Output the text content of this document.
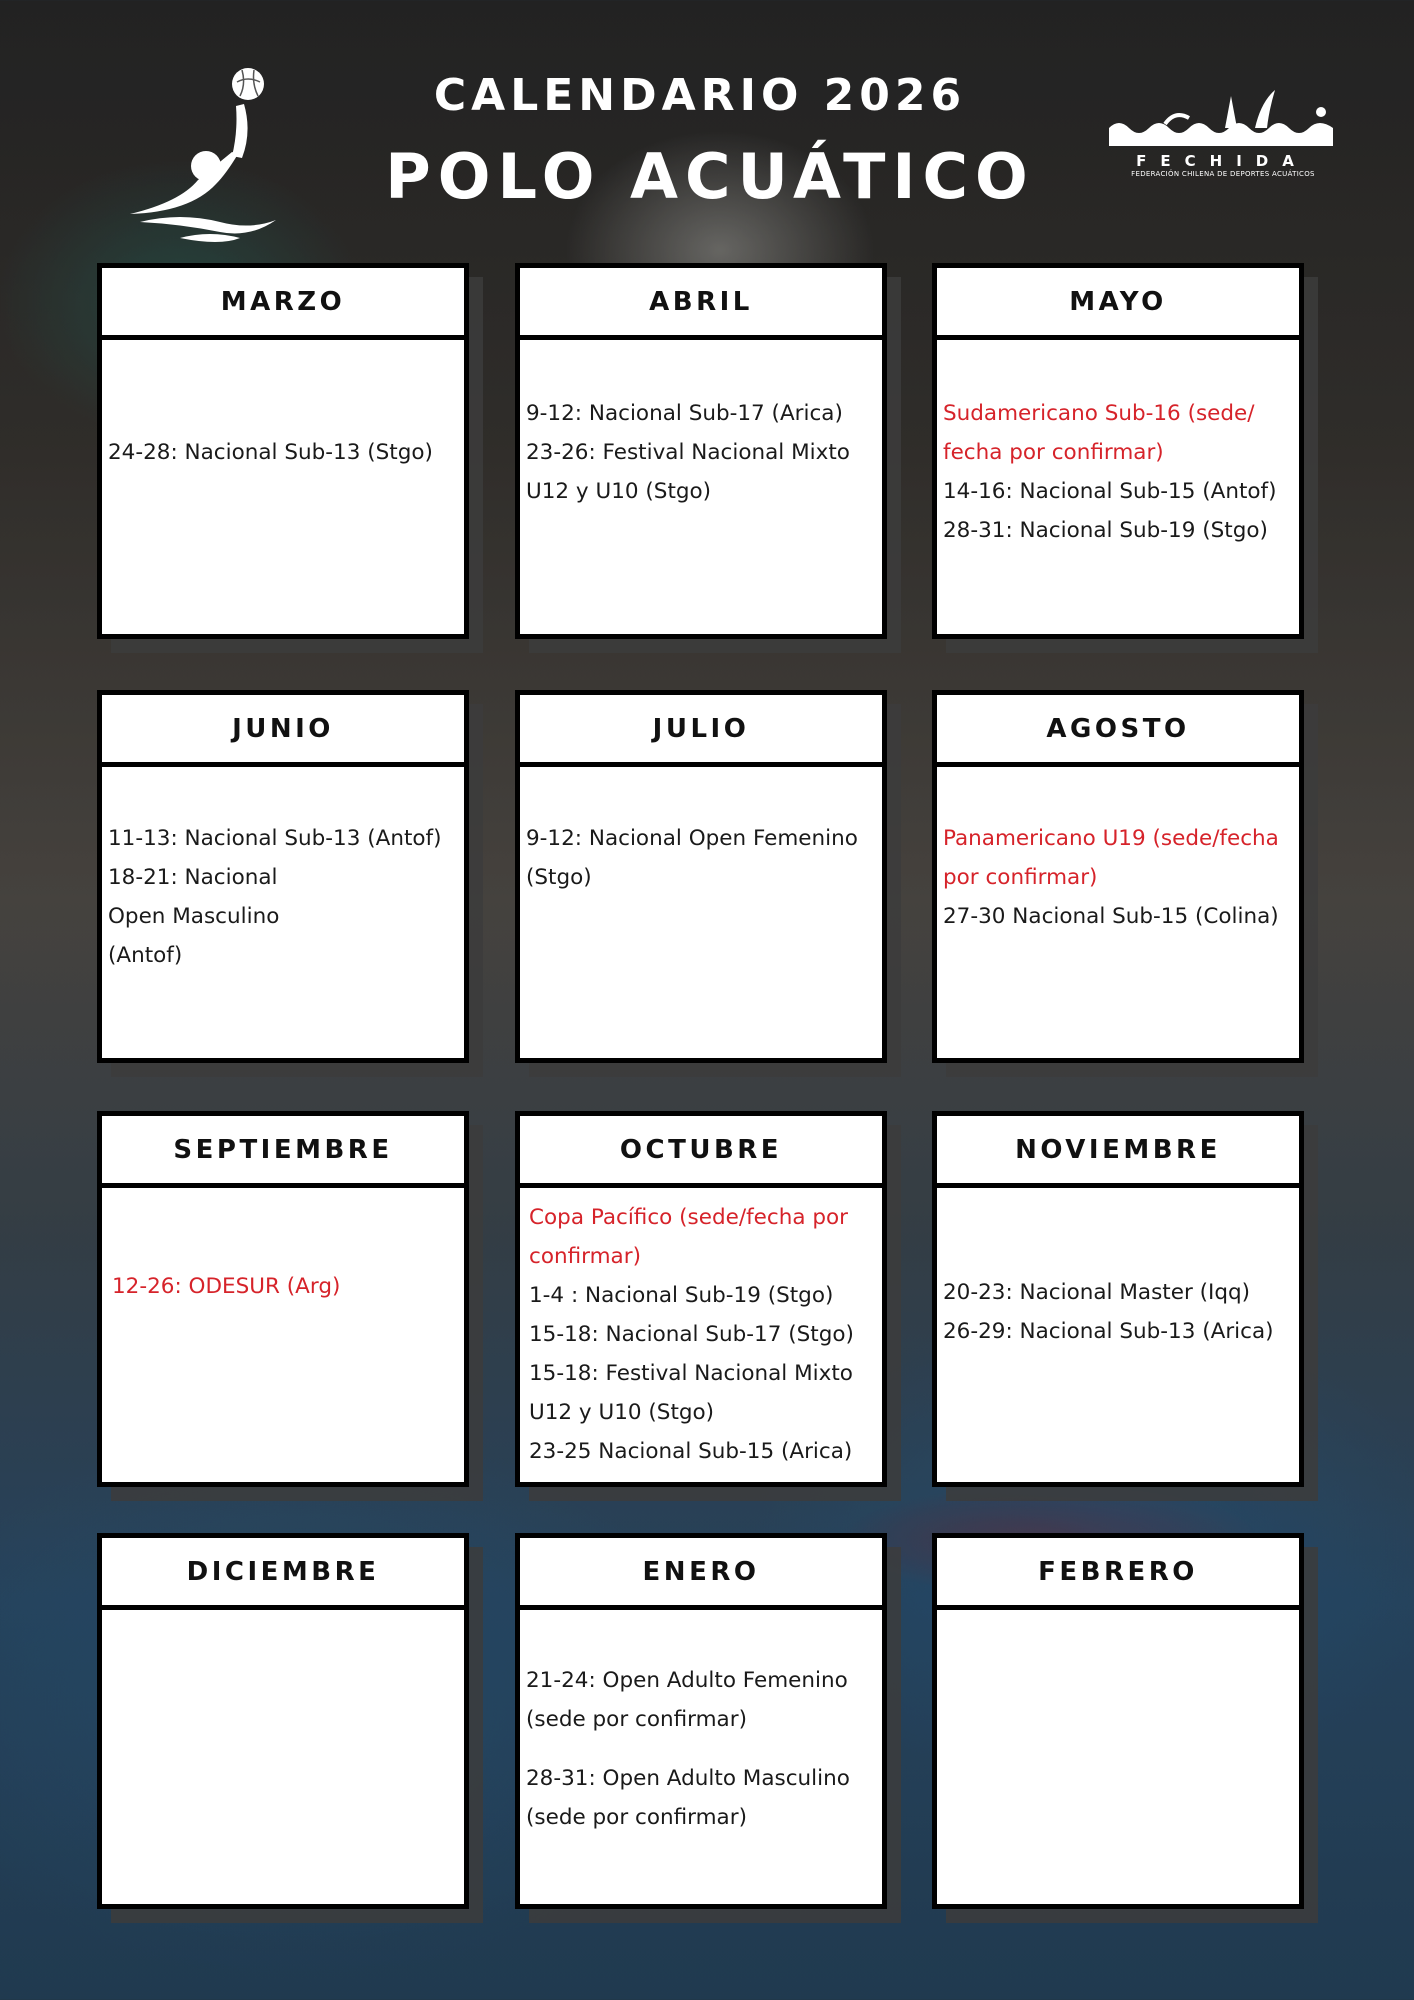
CALENDARIO 2026
POLO ACUÁTICO	FECHIDA
FEDERACIÓN CHILENA DE DEPORTES ACUÁTICOS
MARZO
24-28: Nacional Sub-13 (Stgo)
ABRIL
9-12: Nacional Sub-17 (Arica)
23-26: Festival Nacional Mixto U12 y U10 (Stgo)
MAYO
Sudamericano Sub-16 (sede/ fecha por confirmar)
14-16: Nacional Sub-15 (Antof)
28-31: Nacional Sub-19 (Stgo)
JUNIO
11-13: Nacional Sub-13 (Antof)
18-21: Nacional Open Masculino (Antof)
JULIO
9-12: Nacional Open Femenino (Stgo)
AGOSTO
Panamericano U19 (sede/fecha por confirmar)
27-30 Nacional Sub-15 (Colina)
SEPTIEMBRE
12-26: ODESUR (Arg)
OCTUBRE
Copa Pacífico (sede/fecha por confirmar)
1-4 : Nacional Sub-19 (Stgo)
15-18: Nacional Sub-17 (Stgo)
15-18: Festival Nacional Mixto U12 y U10 (Stgo)
23-25 Nacional Sub-15 (Arica)
NOVIEMBRE
20-23: Nacional Master (Iqq)
26-29: Nacional Sub-13 (Arica)
DICIEMBRE	ENERO
21-24: Open Adulto Femenino (sede por confirmar)
28-31: Open Adulto Masculino (sede por confirmar)
FEBRERO
